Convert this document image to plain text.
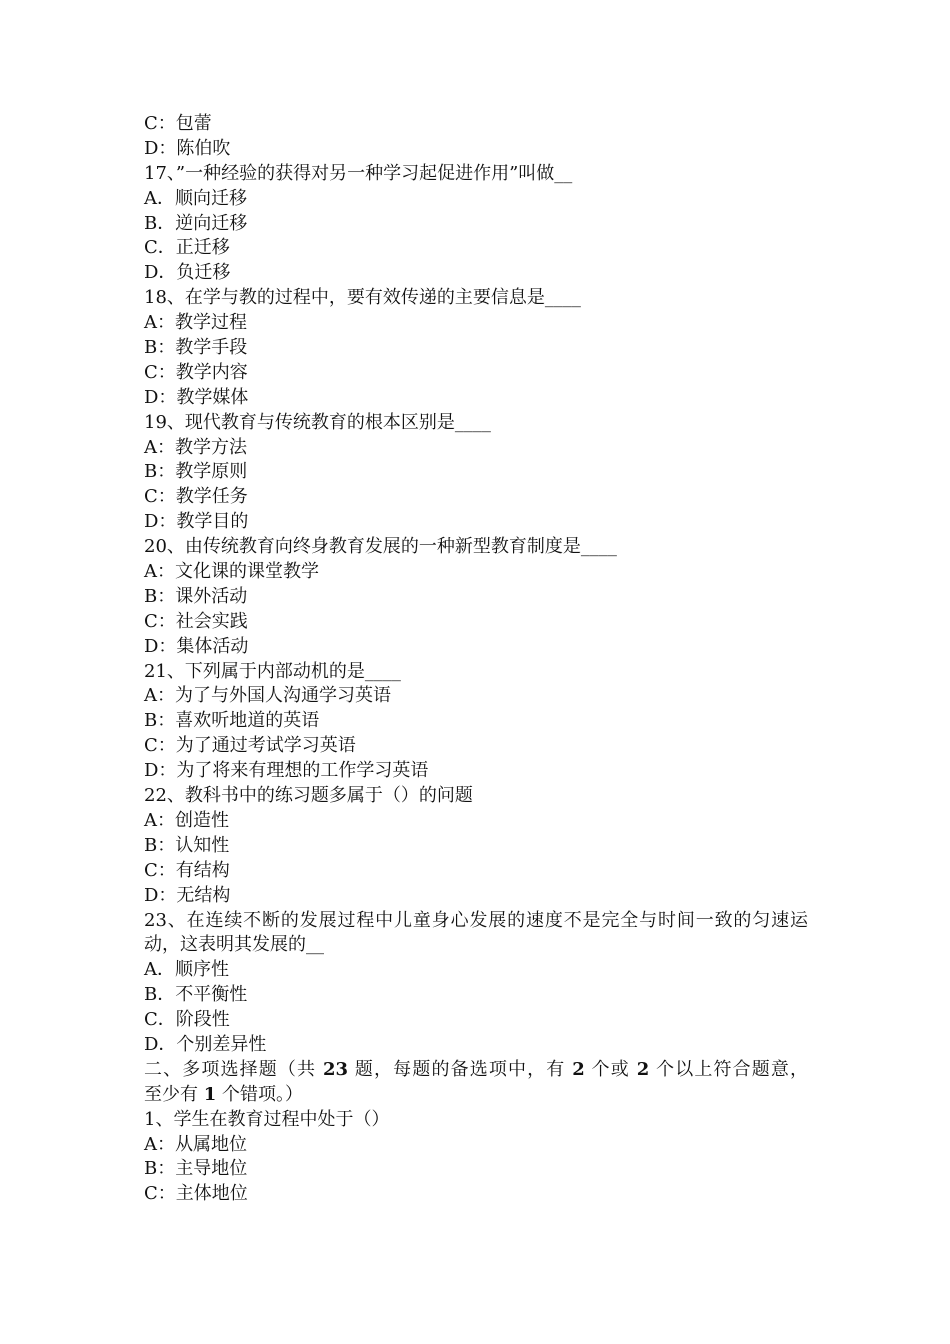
C：包蕾
D：陈伯吹
17、”一种经验的获得对另一种学习起促进作用”叫做__
A．顺向迁移
B．逆向迁移
C．正迁移
D．负迁移
18、在学与教的过程中，要有效传递的主要信息是____
A：教学过程
B：教学手段
C：教学内容
D：教学媒体
19、现代教育与传统教育的根本区别是____
A：教学方法
B：教学原则
C：教学任务
D：教学目的
20、由传统教育向终身教育发展的一种新型教育制度是____
A：文化课的课堂教学
B：课外活动
C：社会实践
D：集体活动
21、下列属于内部动机的是____
A：为了与外国人沟通学习英语
B：喜欢听地道的英语
C：为了通过考试学习英语
D：为了将来有理想的工作学习英语
22、教科书中的练习题多属于（）的问题
A：创造性
B：认知性
C：有结构
D：无结构
23、在连续不断的发展过程中儿童身心发展的速度不是完全与时间一致的匀速运
动，这表明其发展的__
A．顺序性
B．不平衡性
C．阶段性
D．个别差异性
二、多项选择题（共 23 题，每题的备选项中，有 2 个或 2 个以上符合题意，
至少有 1 个错项。）
1、学生在教育过程中处于（）
A：从属地位
B：主导地位
C：主体地位
